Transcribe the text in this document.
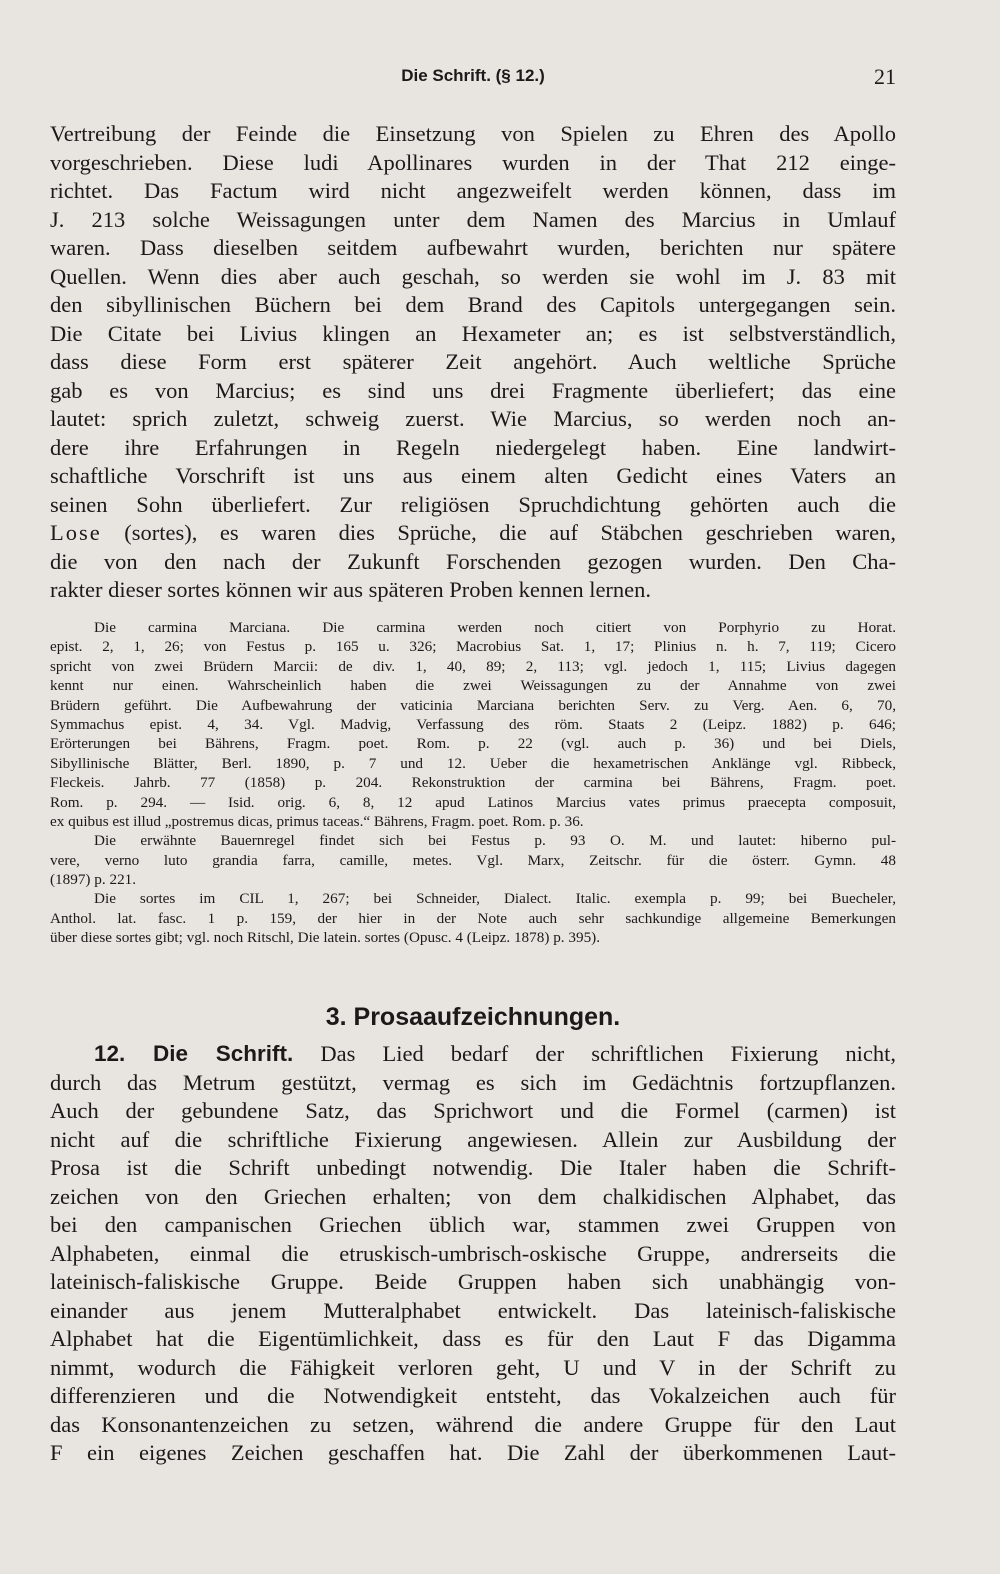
Die Schrift. (§ 12.)	21
Vertreibung der Feinde die Einsetzung von Spielen zu Ehren des Apollo
vorgeschrieben. Diese ludi Apollinares wurden in der That 212 einge-
richtet. Das Factum wird nicht angezweifelt werden können, dass im
J. 213 solche Weissagungen unter dem Namen des Marcius in Umlauf
waren. Dass dieselben seitdem aufbewahrt wurden, berichten nur spätere
Quellen. Wenn dies aber auch geschah, so werden sie wohl im J. 83 mit
den sibyllinischen Büchern bei dem Brand des Capitols untergegangen sein.
Die Citate bei Livius klingen an Hexameter an; es ist selbstverständlich,
dass diese Form erst späterer Zeit angehört. Auch weltliche Sprüche
gab es von Marcius; es sind uns drei Fragmente überliefert; das eine
lautet: sprich zuletzt, schweig zuerst. Wie Marcius, so werden noch an-
dere ihre Erfahrungen in Regeln niedergelegt haben. Eine landwirt-
schaftliche Vorschrift ist uns aus einem alten Gedicht eines Vaters an
seinen Sohn überliefert. Zur religiösen Spruchdichtung gehörten auch die
Lose (sortes), es waren dies Sprüche, die auf Stäbchen geschrieben waren,
die von den nach der Zukunft Forschenden gezogen wurden. Den Cha-
rakter dieser sortes können wir aus späteren Proben kennen lernen.
Die carmina Marciana. Die carmina werden noch citiert von Porphyrio zu Horat.
epist. 2, 1, 26; von Festus p. 165 u. 326; Macrobius Sat. 1, 17; Plinius n. h. 7, 119; Cicero
spricht von zwei Brüdern Marcii: de div. 1, 40, 89; 2, 113; vgl. jedoch 1, 115; Livius dagegen
kennt nur einen. Wahrscheinlich haben die zwei Weissagungen zu der Annahme von zwei
Brüdern geführt. Die Aufbewahrung der vaticinia Marciana berichten Serv. zu Verg. Aen. 6, 70,
Symmachus epist. 4, 34. Vgl. Madvig, Verfassung des röm. Staats 2 (Leipz. 1882) p. 646;
Erörterungen bei Bährens, Fragm. poet. Rom. p. 22 (vgl. auch p. 36) und bei Diels,
Sibyllinische Blätter, Berl. 1890, p. 7 und 12. Ueber die hexametrischen Anklänge vgl. Ribbeck,
Fleckeis. Jahrb. 77 (1858) p. 204. Rekonstruktion der carmina bei Bährens, Fragm. poet.
Rom. p. 294. — Isid. orig. 6, 8, 12 apud Latinos Marcius vates primus praecepta composuit,
ex quibus est illud „postremus dicas, primus taceas.“ Bährens, Fragm. poet. Rom. p. 36.
Die erwähnte Bauernregel findet sich bei Festus p. 93 O. M. und lautet: hiberno pul-
vere, verno luto grandia farra, camille, metes. Vgl. Marx, Zeitschr. für die österr. Gymn. 48
(1897) p. 221.
Die sortes im CIL 1, 267; bei Schneider, Dialect. Italic. exempla p. 99; bei Buecheler,
Anthol. lat. fasc. 1 p. 159, der hier in der Note auch sehr sachkundige allgemeine Bemerkungen
über diese sortes gibt; vgl. noch Ritschl, Die latein. sortes (Opusc. 4 (Leipz. 1878) p. 395).
3. Prosaaufzeichnungen.
12. Die Schrift. Das Lied bedarf der schriftlichen Fixierung nicht,
durch das Metrum gestützt, vermag es sich im Gedächtnis fortzupflanzen.
Auch der gebundene Satz, das Sprichwort und die Formel (carmen) ist
nicht auf die schriftliche Fixierung angewiesen. Allein zur Ausbildung der
Prosa ist die Schrift unbedingt notwendig. Die Italer haben die Schrift-
zeichen von den Griechen erhalten; von dem chalkidischen Alphabet, das
bei den campanischen Griechen üblich war, stammen zwei Gruppen von
Alphabeten, einmal die etruskisch-umbrisch-oskische Gruppe, andrerseits die
lateinisch-faliskische Gruppe. Beide Gruppen haben sich unabhängig von-
einander aus jenem Mutteralphabet entwickelt. Das lateinisch-faliskische
Alphabet hat die Eigentümlichkeit, dass es für den Laut F das Digamma
nimmt, wodurch die Fähigkeit verloren geht, U und V in der Schrift zu
differenzieren und die Notwendigkeit entsteht, das Vokalzeichen auch für
das Konsonantenzeichen zu setzen, während die andere Gruppe für den Laut
F ein eigenes Zeichen geschaffen hat. Die Zahl der überkommenen Laut-
